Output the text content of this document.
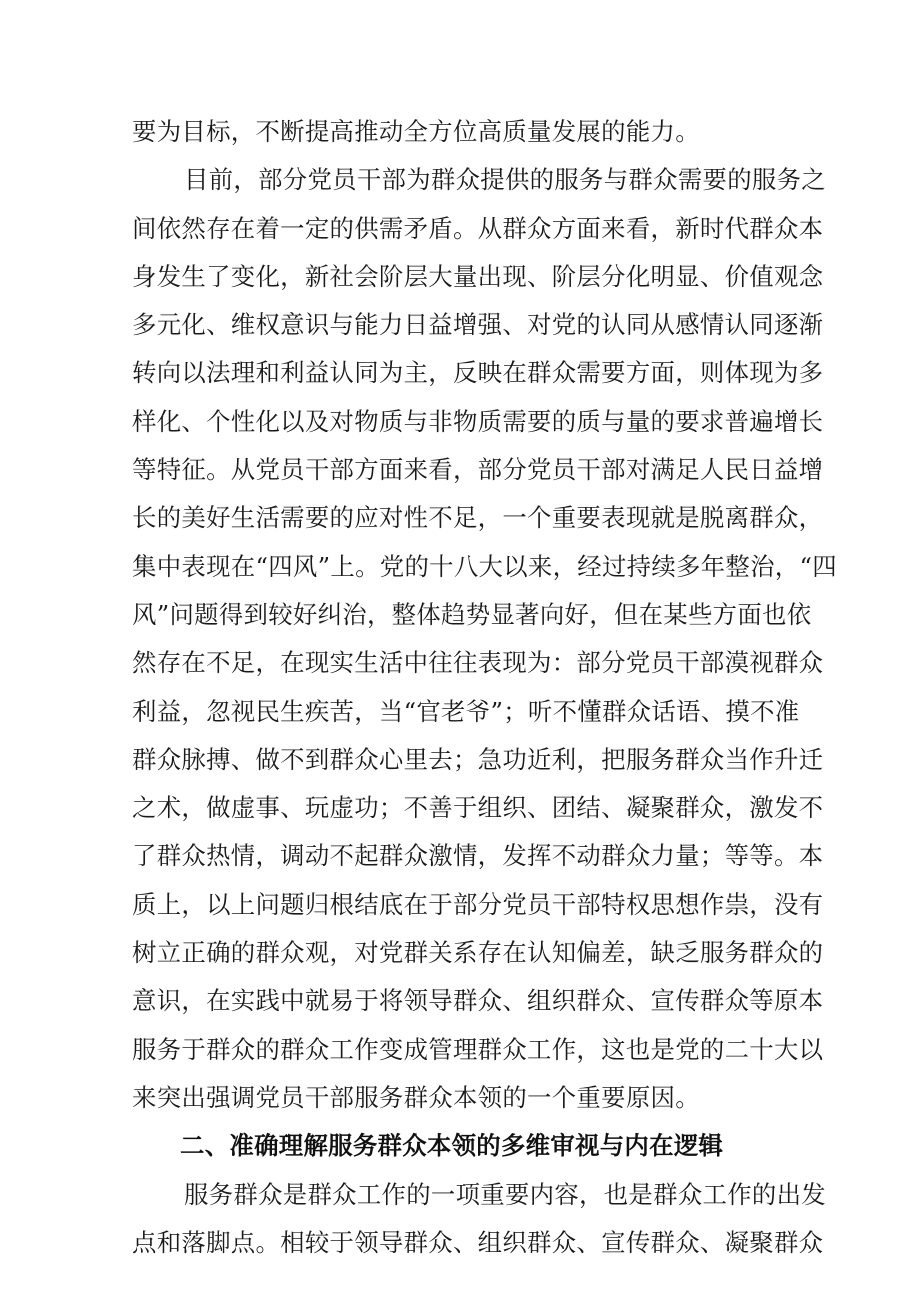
要为目标，不断提高推动全方位高质量发展的能力。
目前，部分党员干部为群众提供的服务与群众需要的服务之
间依然存在着一定的供需矛盾。从群众方面来看，新时代群众本
身发生了变化，新社会阶层大量出现、阶层分化明显、价值观念
多元化、维权意识与能力日益增强、对党的认同从感情认同逐渐
转向以法理和利益认同为主，反映在群众需要方面，则体现为多
样化、个性化以及对物质与非物质需要的质与量的要求普遍增长
等特征。从党员干部方面来看，部分党员干部对满足人民日益增
长的美好生活需要的应对性不足，一个重要表现就是脱离群众，
集中表现在“四风”上。党的十八大以来，经过持续多年整治，“四
风”问题得到较好纠治，整体趋势显著向好，但在某些方面也依
然存在不足，在现实生活中往往表现为：部分党员干部漠视群众
利益，忽视民生疾苦，当“官老爷”；听不懂群众话语、摸不准
群众脉搏、做不到群众心里去；急功近利，把服务群众当作升迁
之术，做虚事、玩虚功；不善于组织、团结、凝聚群众，激发不
了群众热情，调动不起群众激情，发挥不动群众力量；等等。本
质上，以上问题归根结底在于部分党员干部特权思想作祟，没有
树立正确的群众观，对党群关系存在认知偏差，缺乏服务群众的
意识，在实践中就易于将领导群众、组织群众、宣传群众等原本
服务于群众的群众工作变成管理群众工作，这也是党的二十大以
来突出强调党员干部服务群众本领的一个重要原因。
二、准确理解服务群众本领的多维审视与内在逻辑
服务群众是群众工作的一项重要内容，也是群众工作的出发
点和落脚点。相较于领导群众、组织群众、宣传群众、凝聚群众
